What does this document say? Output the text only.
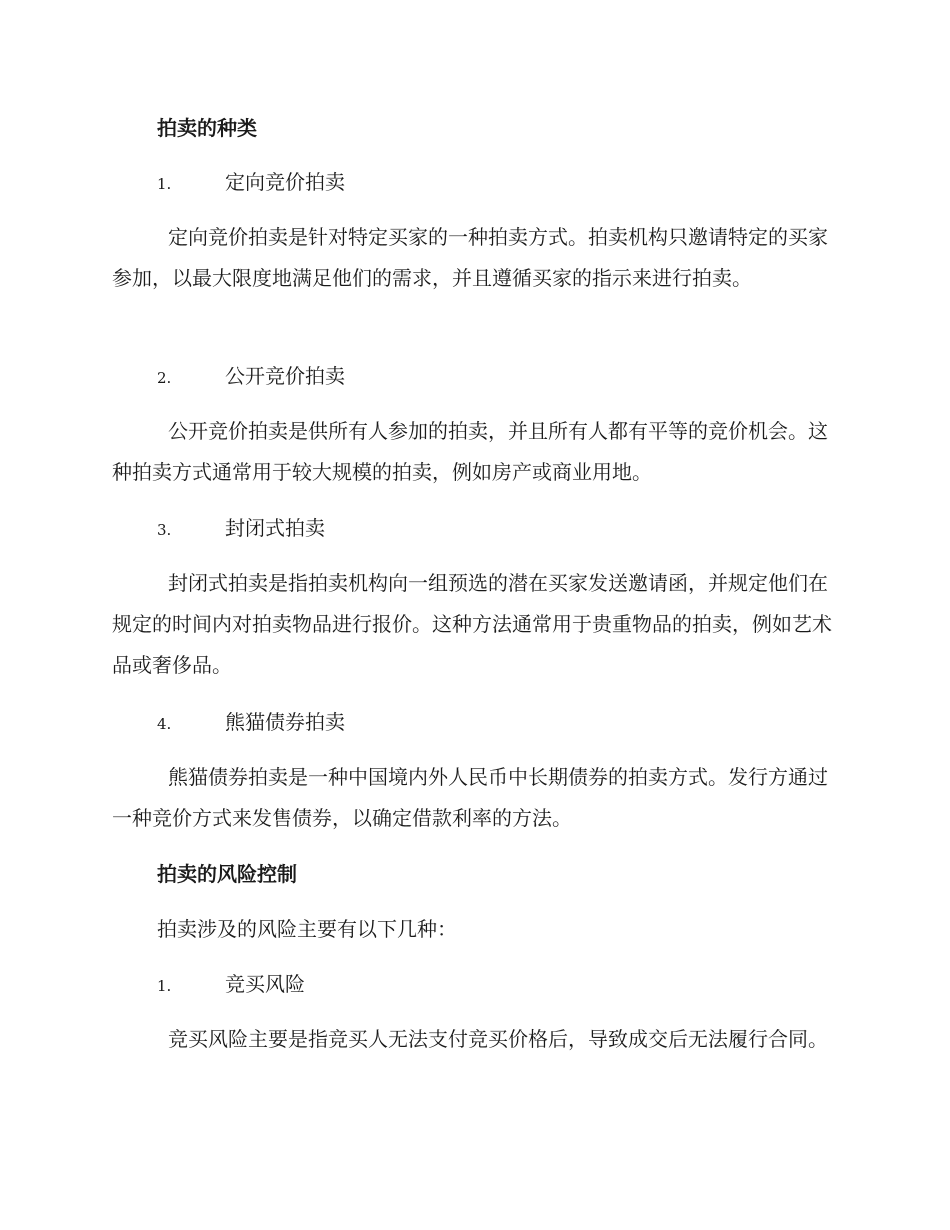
拍卖的种类

1.	定向竞价拍卖

定向竞价拍卖是针对特定买家的一种拍卖方式。拍卖机构只邀请特定的买家参加，以最大限度地满足他们的需求，并且遵循买家的指示来进行拍卖。

2.	公开竞价拍卖

公开竞价拍卖是供所有人参加的拍卖，并且所有人都有平等的竞价机会。这种拍卖方式通常用于较大规模的拍卖，例如房产或商业用地。

3.	封闭式拍卖

封闭式拍卖是指拍卖机构向一组预选的潜在买家发送邀请函，并规定他们在规定的时间内对拍卖物品进行报价。这种方法通常用于贵重物品的拍卖，例如艺术品或奢侈品。

4.	熊猫债券拍卖

熊猫债券拍卖是一种中国境内外人民币中长期债券的拍卖方式。发行方通过一种竞价方式来发售债券，以确定借款利率的方法。

拍卖的风险控制

拍卖涉及的风险主要有以下几种：

1.	竞买风险

竞买风险主要是指竞买人无法支付竞买价格后，导致成交后无法履行合同。
